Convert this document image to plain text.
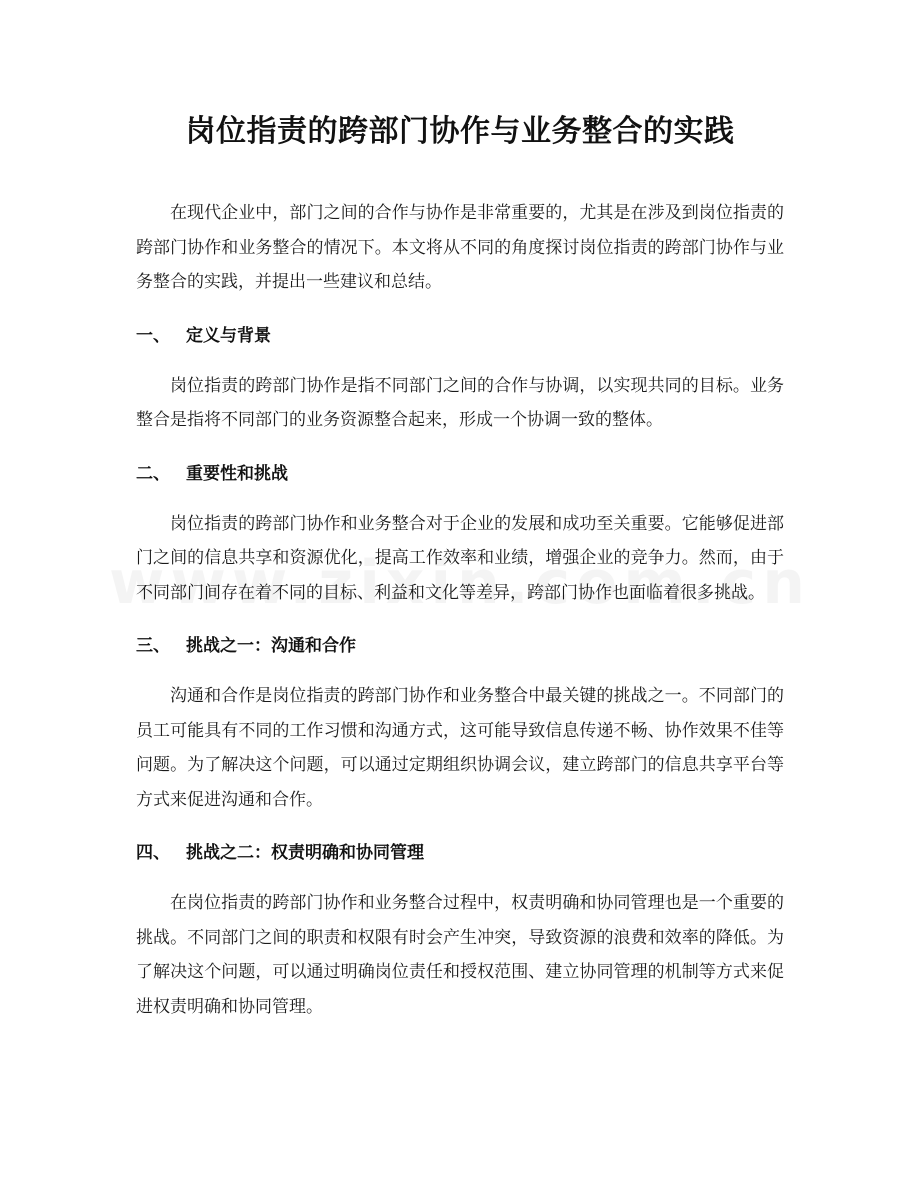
岗位指责的跨部门协作与业务整合的实践

在现代企业中，部门之间的合作与协作是非常重要的，尤其是在涉及到岗位指责的跨部门协作和业务整合的情况下。本文将从不同的角度探讨岗位指责的跨部门协作与业务整合的实践，并提出一些建议和总结。

一、 定义与背景

岗位指责的跨部门协作是指不同部门之间的合作与协调，以实现共同的目标。业务整合是指将不同部门的业务资源整合起来，形成一个协调一致的整体。

二、 重要性和挑战

岗位指责的跨部门协作和业务整合对于企业的发展和成功至关重要。它能够促进部门之间的信息共享和资源优化，提高工作效率和业绩，增强企业的竞争力。然而，由于不同部门间存在着不同的目标、利益和文化等差异，跨部门协作也面临着很多挑战。

三、 挑战之一：沟通和合作

沟通和合作是岗位指责的跨部门协作和业务整合中最关键的挑战之一。不同部门的员工可能具有不同的工作习惯和沟通方式，这可能导致信息传递不畅、协作效果不佳等问题。为了解决这个问题，可以通过定期组织协调会议，建立跨部门的信息共享平台等方式来促进沟通和合作。

四、 挑战之二：权责明确和协同管理

在岗位指责的跨部门协作和业务整合过程中，权责明确和协同管理也是一个重要的挑战。不同部门之间的职责和权限有时会产生冲突，导致资源的浪费和效率的降低。为了解决这个问题，可以通过明确岗位责任和授权范围、建立协同管理的机制等方式来促进权责明确和协同管理。
